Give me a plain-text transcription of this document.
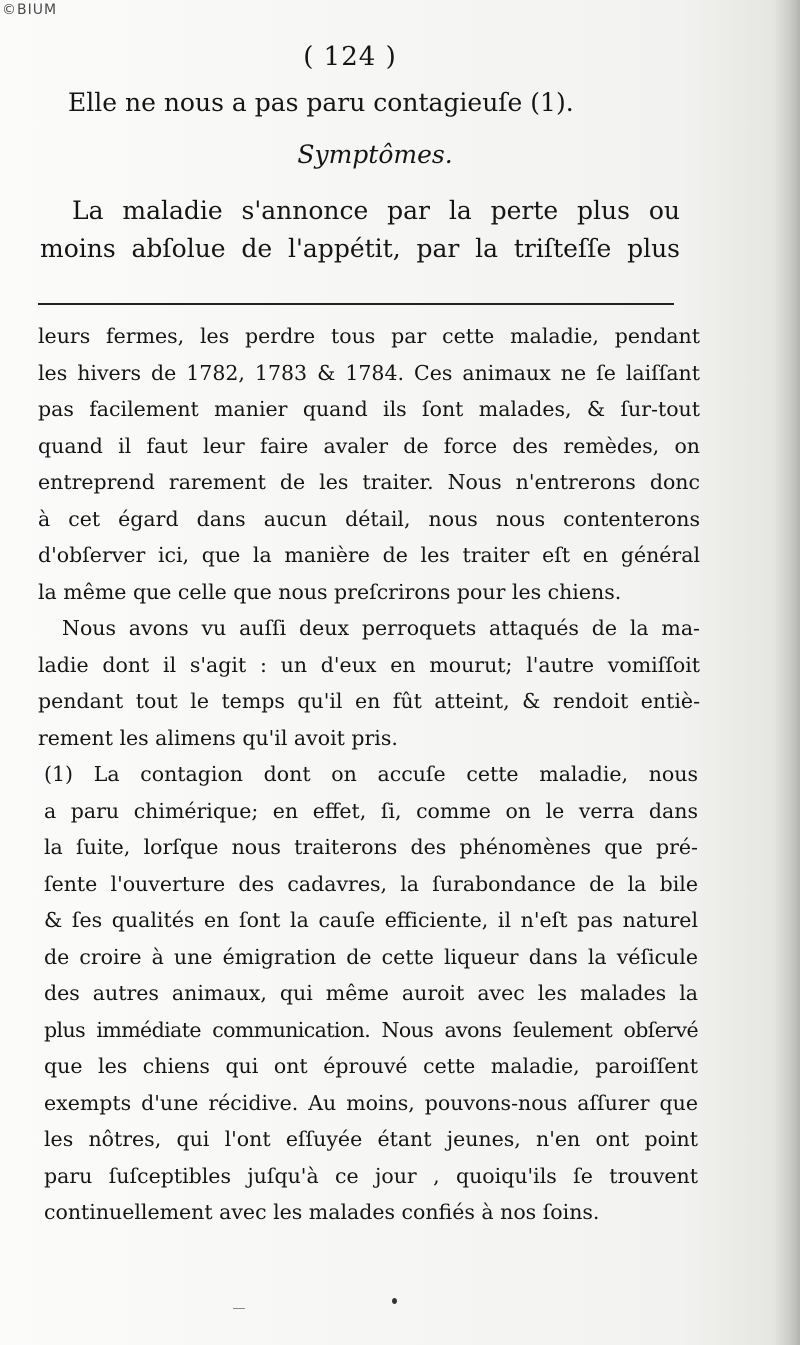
©BIUM
( 124 )
Elle ne nous a pas paru contagieuſe (1).
Symptômes.
La maladie s'annonce par la perte plus ou
moins abſolue de l'appétit, par la triſteſſe plus
leurs fermes, les perdre tous par cette maladie, pendant
les hivers de 1782, 1783 & 1784. Ces animaux ne ſe laiſſant
pas facilement manier quand ils ſont malades, & ſur-tout
quand il faut leur faire avaler de force des remèdes, on
entreprend rarement de les traiter. Nous n'entrerons donc
à cet égard dans aucun détail, nous nous contenterons
d'obſerver ici, que la manière de les traiter eſt en général
la même que celle que nous preſcrirons pour les chiens.
Nous avons vu auſſi deux perroquets attaqués de la ma-
ladie dont il s'agit : un d'eux en mourut; l'autre vomiſſoit
pendant tout le temps qu'il en fût atteint, & rendoit entiè-
rement les alimens qu'il avoit pris.
(1) La contagion dont on accuſe cette maladie, nous
a paru chimérique; en effet, ſi, comme on le verra dans
la ſuite, lorſque nous traiterons des phénomènes que pré-
ſente l'ouverture des cadavres, la ſurabondance de la bile
& ſes qualités en ſont la cauſe efficiente, il n'eſt pas naturel
de croire à une émigration de cette liqueur dans la véſicule
des autres animaux, qui même auroit avec les malades la
plus immédiate communication. Nous avons ſeulement obſervé
que les chiens qui ont éprouvé cette maladie, paroiſſent
exempts d'une récidive. Au moins, pouvons-nous aſſurer que
les nôtres, qui l'ont eſſuyée étant jeunes, n'en ont point
paru ſuſceptibles juſqu'à ce jour , quoiqu'ils ſe trouvent
continuellement avec les malades confiés à nos ſoins.
